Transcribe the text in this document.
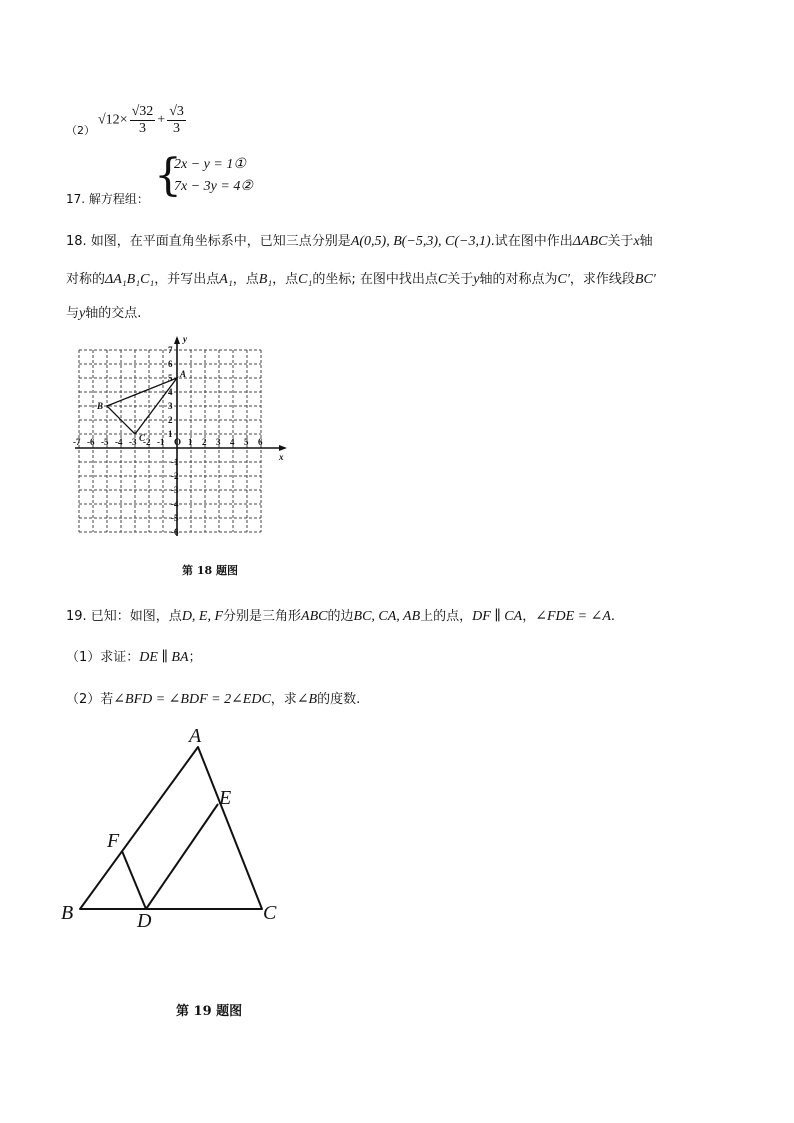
（2）
$√12\times \frac{√32}{3} + \frac{√3}{3}$
17. 解方程组： {
2x − y = 1①
7x − 3y = 4②
18. 如图，在平面直角坐标系中，已知三点分别是A(0,5), B(−5,3), C(−3,1).试在图中作出ΔABC关于x轴
对称的ΔA₁B₁C₁，并写出点A₁，点B₁，点C₁的坐标; 在图中找出点C关于y轴的对称点为C′，求作线段BC′
与y轴的交点.
x
y
-7 -6 -5 -4 -3 -2 -1 O 1 2 3 4 5 6
1
2
3
4
5
6
7
-1
-2
-3
-4
-5
-6
A
B
C
第 18 题图
19. 已知：如图，点D, E, F分别是三角形ABC的边BC, CA, AB上的点，DF ∥ CA，∠FDE = ∠A.
（1）求证：DE ∥ BA；
（2）若∠BFD = ∠BDF = 2∠EDC，求∠B的度数.
A
B	C
D
E
F
第 19 题图
